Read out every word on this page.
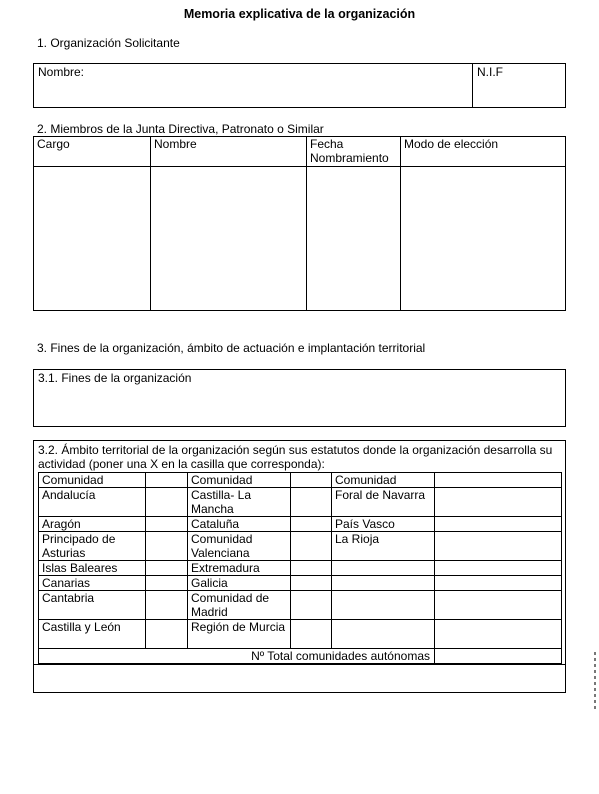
Memoria explicativa de la organización
1. Organización Solicitante
Nombre:	N.I.F
2. Miembros de la Junta Directiva, Patronato o Similar
Cargo	Nombre	Fecha Nombramiento	Modo de elección

3. Fines de la organización, ámbito de actuación e implantación territorial
3.1. Fines de la organización
3.2. Ámbito territorial de la organización según sus estatutos donde la organización desarrolla su actividad (poner una X en la casilla que corresponda):
Comunidad		Comunidad		Comunidad	
Andalucía		Castilla- La Mancha		Foral de Navarra	
Aragón		Cataluña		País Vasco	
Principado de Asturias		Comunidad Valenciana		La Rioja	
Islas Baleares		Extremadura			
Canarias		Galicia			
Cantabria		Comunidad de Madrid			
Castilla y León		Región de Murcia			
Nº Total comunidades autónomas					
